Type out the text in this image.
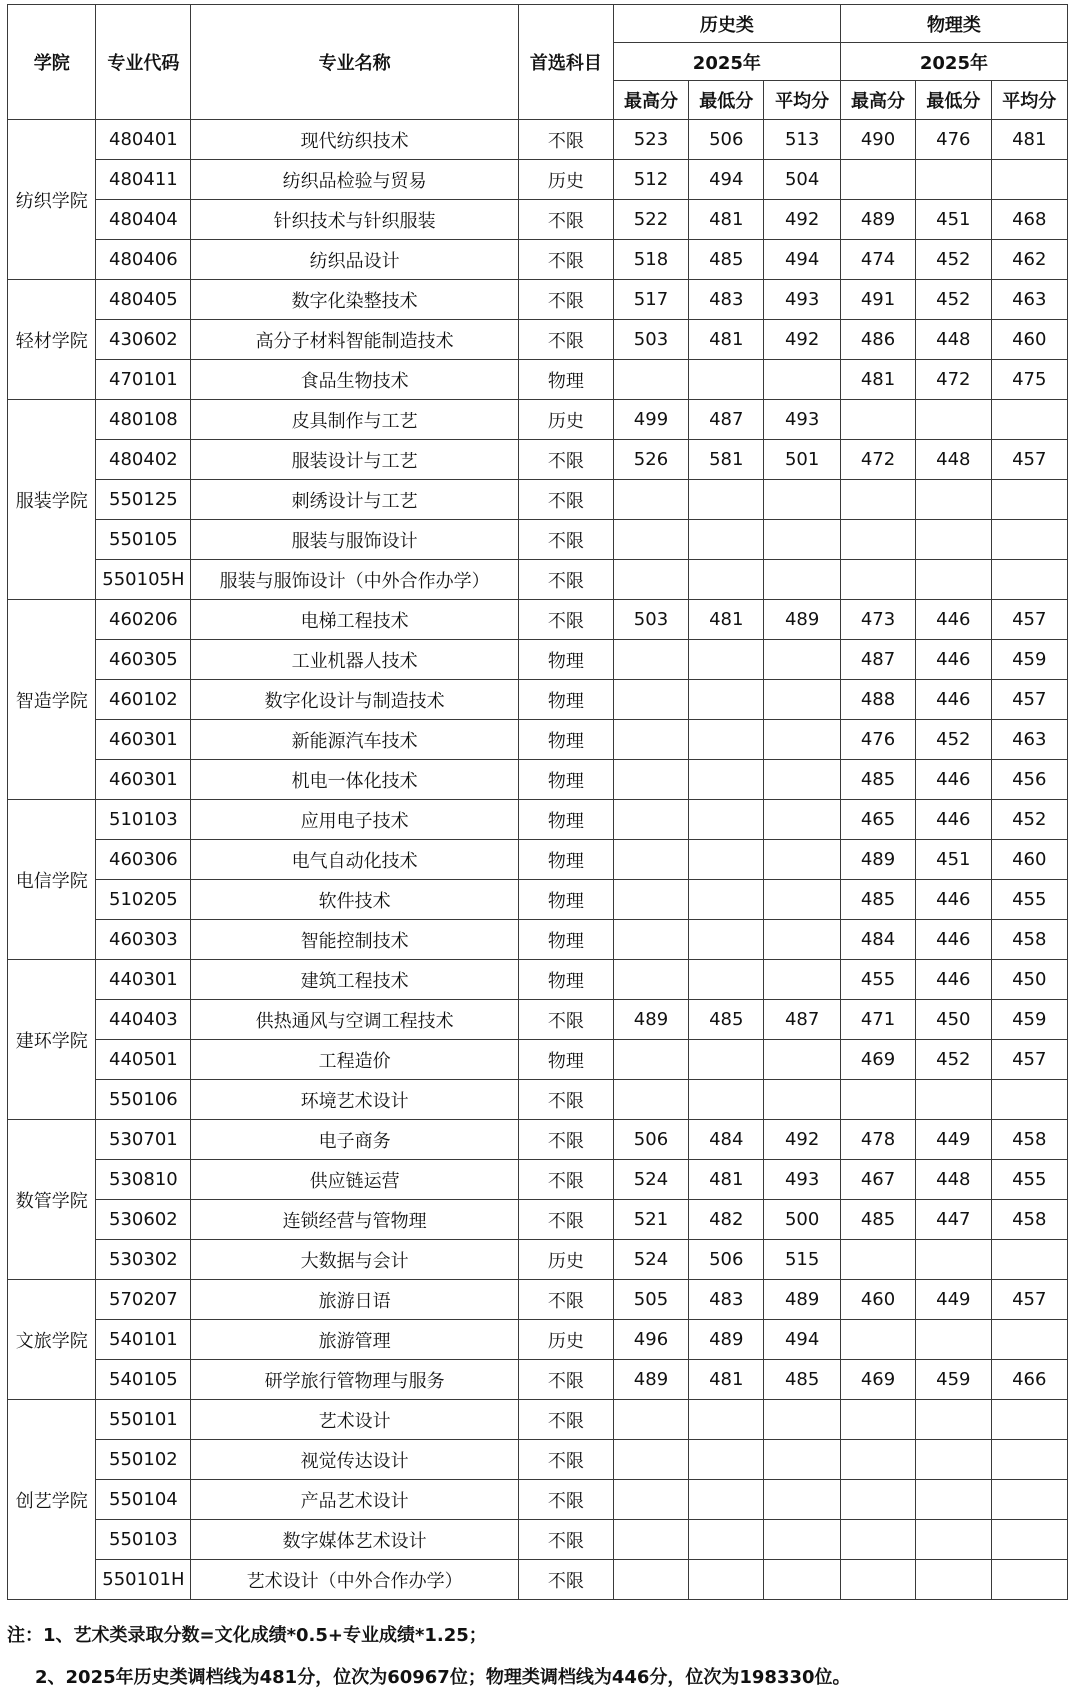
学院	专业代码	专业名称	首选科目	历史类			物理类		
				2025年			2025年		
				最高分	最低分	平均分	最高分	最低分	平均分
纺织学院	480401	现代纺织技术	不限	523	506	513	490	476	481
	480411	纺织品检验与贸易	历史	512	494	504			
	480404	针织技术与针织服装	不限	522	481	492	489	451	468
	480406	纺织品设计	不限	518	485	494	474	452	462
轻材学院	480405	数字化染整技术	不限	517	483	493	491	452	463
	430602	高分子材料智能制造技术	不限	503	481	492	486	448	460
	470101	食品生物技术	物理				481	472	475
服装学院	480108	皮具制作与工艺	历史	499	487	493			
	480402	服装设计与工艺	不限	526	581	501	472	448	457
	550125	刺绣设计与工艺	不限						
	550105	服装与服饰设计	不限						
	550105H	服装与服饰设计（中外合作办学）	不限						
智造学院	460206	电梯工程技术	不限	503	481	489	473	446	457
	460305	工业机器人技术	物理				487	446	459
	460102	数字化设计与制造技术	物理				488	446	457
	460301	新能源汽车技术	物理				476	452	463
	460301	机电一体化技术	物理				485	446	456
电信学院	510103	应用电子技术	物理				465	446	452
	460306	电气自动化技术	物理				489	451	460
	510205	软件技术	物理				485	446	455
	460303	智能控制技术	物理				484	446	458
建环学院	440301	建筑工程技术	物理				455	446	450
	440403	供热通风与空调工程技术	不限	489	485	487	471	450	459
	440501	工程造价	物理				469	452	457
	550106	环境艺术设计	不限						
数管学院	530701	电子商务	不限	506	484	492	478	449	458
	530810	供应链运营	不限	524	481	493	467	448	455
	530602	连锁经营与管物理	不限	521	482	500	485	447	458
	530302	大数据与会计	历史	524	506	515			
文旅学院	570207	旅游日语	不限	505	483	489	460	449	457
	540101	旅游管理	历史	496	489	494			
	540105	研学旅行管物理与服务	不限	489	481	485	469	459	466
创艺学院	550101	艺术设计	不限						
	550102	视觉传达设计	不限						
	550104	产品艺术设计	不限						
	550103	数字媒体艺术设计	不限						
	550101H	艺术设计（中外合作办学）	不限						
注：1、艺术类录取分数=文化成绩*0.5+专业成绩*1.25；
2、2025年历史类调档线为481分，位次为60967位；物理类调档线为446分，位次为198330位。
